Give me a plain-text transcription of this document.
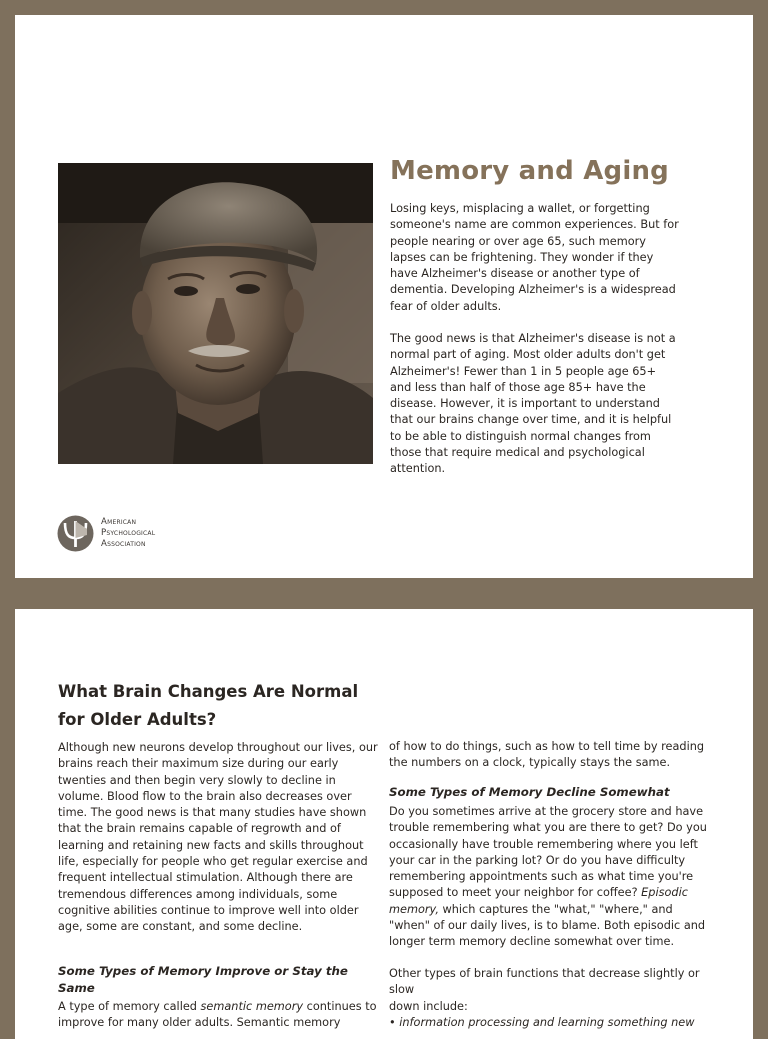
Memory and Aging

Losing keys, misplacing a wallet, or forgetting someone's name are common experiences. But for people nearing or over age 65, such memory lapses can be frightening. They wonder if they have Alzheimer's disease or another type of dementia. Developing Alzheimer's is a widespread fear of older adults.

The good news is that Alzheimer's disease is not a normal part of aging. Most older adults don't get Alzheimer's! Fewer than 1 in 5 people age 65+ and less than half of those age 85+ have the disease. However, it is important to understand that our brains change over time, and it is helpful to be able to distinguish normal changes from those that require medical and psychological attention.

American
Psychological
Association
What Brain Changes Are Normal for Older Adults?

Although new neurons develop throughout our lives, our brains reach their maximum size during our early twenties and then begin very slowly to decline in volume. Blood flow to the brain also decreases over time. The good news is that many studies have shown that the brain remains capable of regrowth and of learning and retaining new facts and skills throughout life, especially for people who get regular exercise and frequent intellectual stimulation. Although there are tremendous differences among individuals, some cognitive abilities continue to improve well into older age, some are constant, and some decline.

Some Types of Memory Improve or Stay the Same

A type of memory called semantic memory continues to improve for many older adults. Semantic memory

of how to do things, such as how to tell time by reading the numbers on a clock, typically stays the same.

Some Types of Memory Decline Somewhat

Do you sometimes arrive at the grocery store and have trouble remembering what you are there to get? Do you occasionally have trouble remembering where you left your car in the parking lot? Or do you have difficulty remembering appointments such as what time you're supposed to meet your neighbor for coffee? Episodic memory, which captures the "what," "where," and "when" of our daily lives, is to blame. Both episodic and longer term memory decline somewhat over time.

Other types of brain functions that decrease slightly or slow
down include:

• information processing and learning something new
